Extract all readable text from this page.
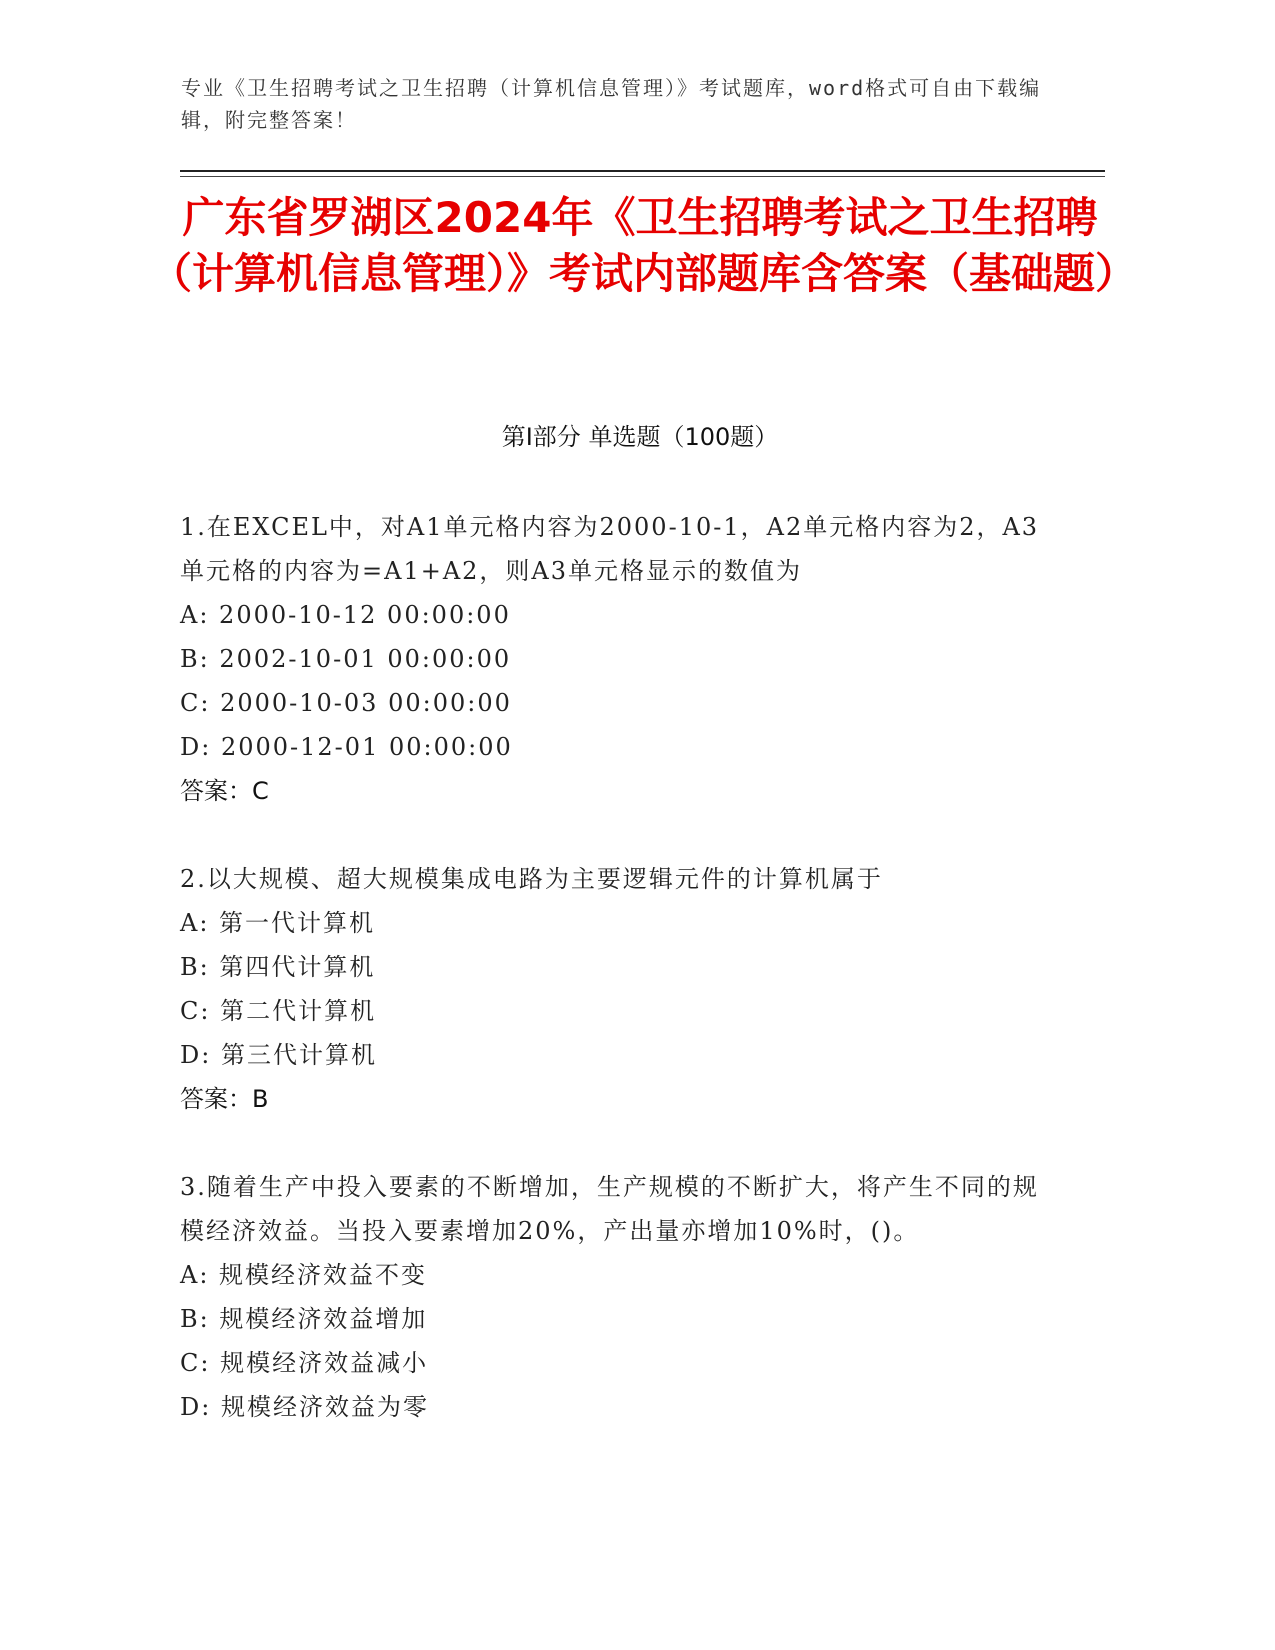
专业《卫生招聘考试之卫生招聘（计算机信息管理）》考试题库，word格式可自由下载编辑，附完整答案！
广东省罗湖区2024年《卫生招聘考试之卫生招聘（计算机信息管理）》考试内部题库含答案（基础题）
第I部分 单选题（100题）
1.在EXCEL中，对A1单元格内容为2000-10-1，A2单元格内容为2，A3单元格的内容为=A1+A2，则A3单元格显示的数值为
A: 2000-10-12 00:00:00
B: 2002-10-01 00:00:00
C: 2000-10-03 00:00:00
D: 2000-12-01 00:00:00
答案：C
2.以大规模、超大规模集成电路为主要逻辑元件的计算机属于
A: 第一代计算机
B: 第四代计算机
C: 第二代计算机
D: 第三代计算机
答案：B
3.随着生产中投入要素的不断增加，生产规模的不断扩大，将产生不同的规模经济效益。当投入要素增加20%，产出量亦增加10%时，()。
A: 规模经济效益不变
B: 规模经济效益增加
C: 规模经济效益减小
D: 规模经济效益为零
